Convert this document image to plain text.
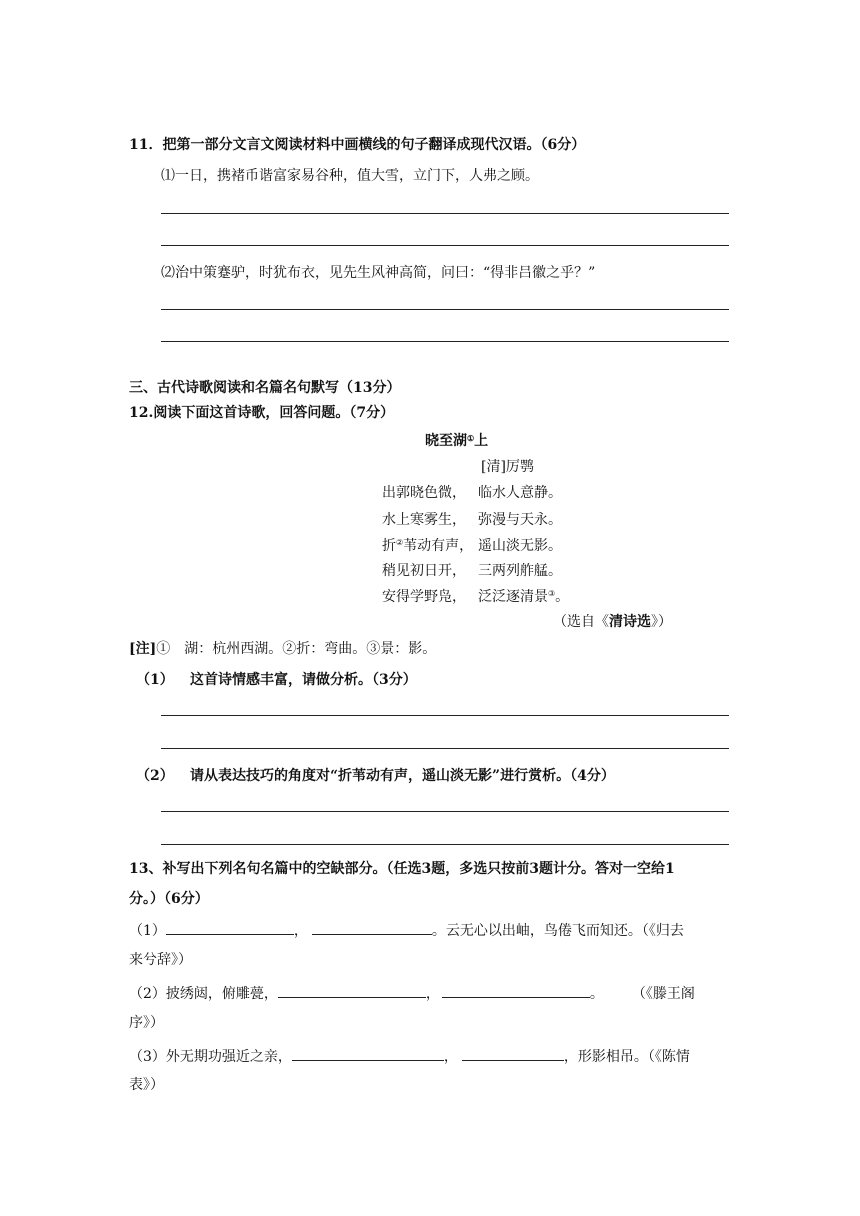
11．把第一部分文言文阅读材料中画横线的句子翻译成现代汉语。（6分）
⑴一日，携褚币谐富家易谷种，值大雪，立门下，人弗之顾。
⑵治中策蹇驴，时犹布衣，见先生风神高简，问曰：“得非吕徽之乎？”
三、古代诗歌阅读和名篇名句默写（13分）
12.阅读下面这首诗歌，回答问题。（7分）
晓至湖①上
[清]厉鹗
出郭晓色微， 临水人意静。
水上寒雾生， 弥漫与天永。
折②苇动有声， 遥山淡无影。
稍见初日开， 三两列舴艋。
安得学野凫， 泛泛逐清景③。
（选自《清诗选》）
[注]①　湖：杭州西湖。②折：弯曲。③景：影。
（1） 这首诗情感丰富，请做分析。（3分）
（2） 请从表达技巧的角度对“折苇动有声，遥山淡无影”进行赏析。（4分）
13、补写出下列名句名篇中的空缺部分。（任选3题，多选只按前3题计分。答对一空给1
分。）（6分）
（1）	，	。云无心以出岫，鸟倦飞而知还。（《归去
来兮辞》）
（2）披绣闼，俯雕甍，	，	。　　　（《滕王阁
序》）
（3）外无期功强近之亲，	，	，形影相吊。（《陈情
表》）
